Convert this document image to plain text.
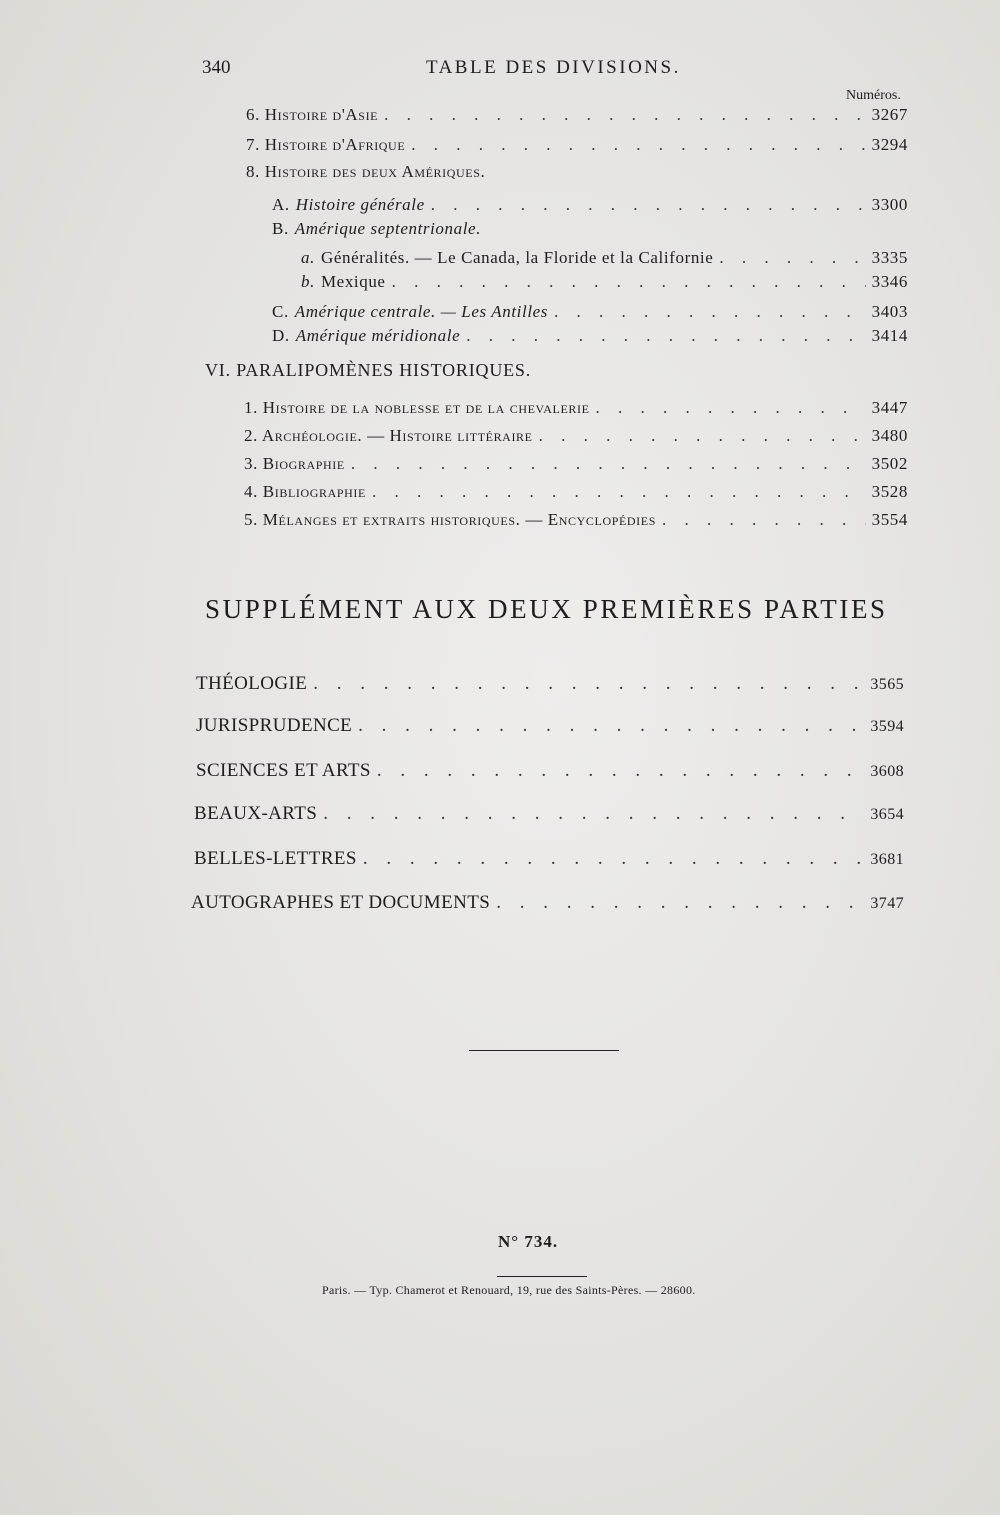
340	TABLE DES DIVISIONS.
Numéros.
6. Histoire d'Asie . . .	3267
7. Histoire d'Afrique . . .	3294
8. Histoire des deux Amériques.
A. Histoire générale . . .	3300
B. Amérique septentrionale.
a. Généralités. — Le Canada, la Floride et la Californie . . .	3335
b. Mexique . . .	3346
C. Amérique centrale. — Les Antilles . . .	3403
D. Amérique méridionale . . .	3414
VI. PARALIPOMÈNES HISTORIQUES.
1. Histoire de la noblesse et de la chevalerie . . .	3447
2. Archéologie. — Histoire littéraire . . .	3480
3. Biographie . . .	3502
4. Bibliographie . . .	3528
5. Mélanges et extraits historiques. — Encyclopédies . . .	3554
SUPPLÉMENT AUX DEUX PREMIÈRES PARTIES
THÉOLOGIE . . .	3565
JURISPRUDENCE . . .	3594
SCIENCES ET ARTS . . .	3608
BEAUX-ARTS . . .	3654
BELLES-LETTRES . . .	3681
AUTOGRAPHES ET DOCUMENTS . . .	3747
N° 734.
Paris. — Typ. Chamerot et Renouard, 19, rue des Saints-Pères. — 28600.
